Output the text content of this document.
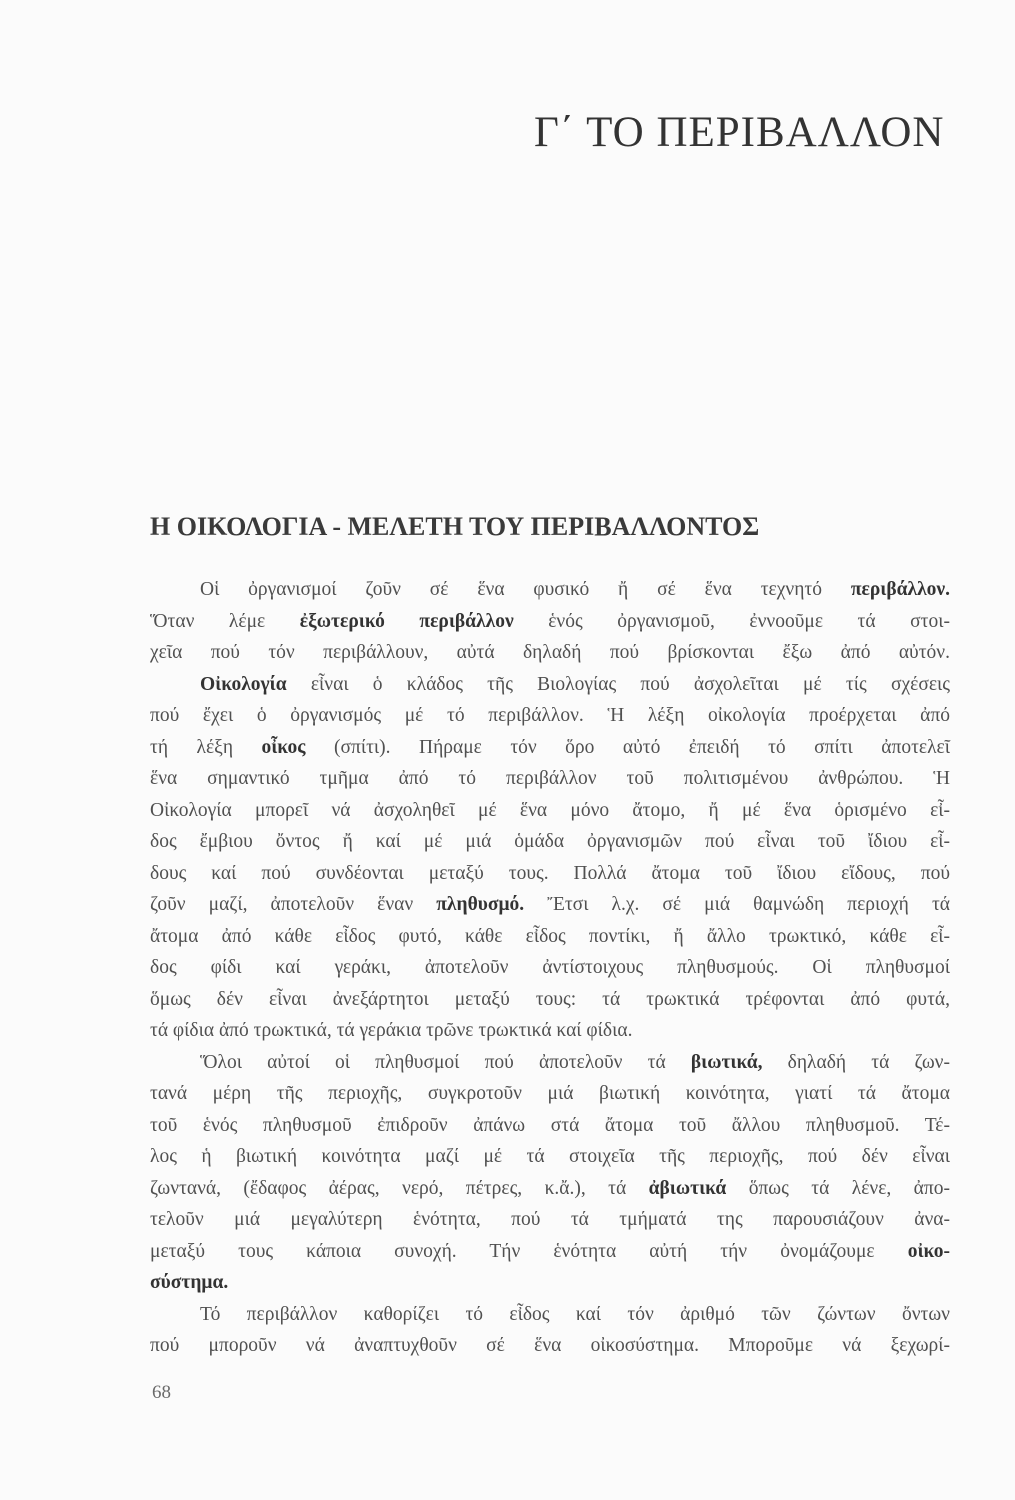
Γ΄ ΤΟ ΠΕΡΙΒΑΛΛΟΝ
Η ΟΙΚΟΛΟΓΙΑ - ΜΕΛΕΤΗ ΤΟΥ ΠΕΡΙΒΑΛΛΟΝΤΟΣ

Οἱ ὀργανισμοί ζοῦν σέ ἕνα φυσικό ἤ σέ ἕνα τεχνητό περιβάλλον.
Ὅταν λέμε ἐξωτερικό περιβάλλον ἑνός ὀργανισμοῦ, ἐννοοῦμε τά στοι-
χεῖα πού τόν περιβάλλουν, αὐτά δηλαδή πού βρίσκονται ἔξω ἀπό αὐτόν.
Οἰκολογία εἶναι ὁ κλάδος τῆς Βιολογίας πού ἀσχολεῖται μέ τίς σχέσεις
πού ἔχει ὁ ὀργανισμός μέ τό περιβάλλον. Ἡ λέξη οἰκολογία προέρχεται ἀπό
τή λέξη οἶκος (σπίτι). Πήραμε τόν ὅρο αὐτό ἐπειδή τό σπίτι ἀποτελεῖ
ἕνα σημαντικό τμῆμα ἀπό τό περιβάλλον τοῦ πολιτισμένου ἀνθρώπου. Ἡ
Οἰκολογία μπορεῖ νά ἀσχοληθεῖ μέ ἕνα μόνο ἄτομο, ἤ μέ ἕνα ὁρισμένο εἶ-
δος ἔμβιου ὄντος ἤ καί μέ μιά ὁμάδα ὀργανισμῶν πού εἶναι τοῦ ἴδιου εἶ-
δους καί πού συνδέονται μεταξύ τους. Πολλά ἄτομα τοῦ ἴδιου εἴδους, πού
ζοῦν μαζί, ἀποτελοῦν ἕναν πληθυσμό. Ἔτσι λ.χ. σέ μιά θαμνώδη περιοχή τά
ἄτομα ἀπό κάθε εἶδος φυτό, κάθε εἶδος ποντίκι, ἤ ἄλλο τρωκτικό, κάθε εἶ-
δος φίδι καί γεράκι, ἀποτελοῦν ἀντίστοιχους πληθυσμούς. Οἱ πληθυσμοί
ὅμως δέν εἶναι ἀνεξάρτητοι μεταξύ τους: τά τρωκτικά τρέφονται ἀπό φυτά,
τά φίδια ἀπό τρωκτικά, τά γεράκια τρῶνε τρωκτικά καί φίδια.

Ὅλοι αὐτοί οἱ πληθυσμοί πού ἀποτελοῦν τά βιωτικά, δηλαδή τά ζων-
τανά μέρη τῆς περιοχῆς, συγκροτοῦν μιά βιωτική κοινότητα, γιατί τά ἄτομα
τοῦ ἑνός πληθυσμοῦ ἐπιδροῦν ἀπάνω στά ἄτομα τοῦ ἄλλου πληθυσμοῦ. Τέ-
λος ἡ βιωτική κοινότητα μαζί μέ τά στοιχεῖα τῆς περιοχῆς, πού δέν εἶναι
ζωντανά, (ἔδαφος ἀέρας, νερό, πέτρες, κ.ἄ.), τά ἀβιωτικά ὅπως τά λένε, ἀπο-
τελοῦν μιά μεγαλύτερη ἑνότητα, πού τά τμήματά της παρουσιάζουν ἀνα-
μεταξύ τους κάποια συνοχή. Τήν ἑνότητα αὐτή τήν ὀνομάζουμε οἰκο-
σύστημα.

Τό περιβάλλον καθορίζει τό εἶδος καί τόν ἀριθμό τῶν ζώντων ὄντων
πού μποροῦν νά ἀναπτυχθοῦν σέ ἕνα οἰκοσύστημα. Μποροῦμε νά ξεχωρί-

68
